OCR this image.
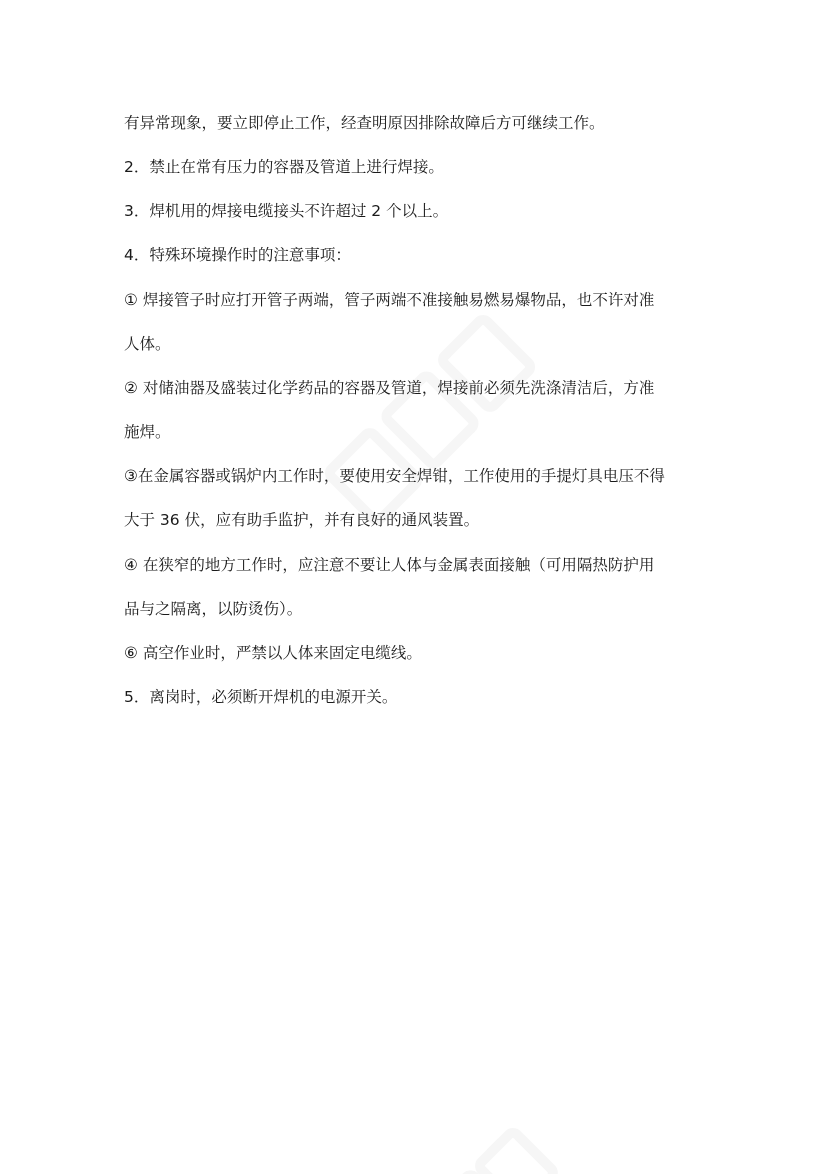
有异常现象，要立即停止工作，经查明原因排除故障后方可继续工作。

2．禁止在常有压力的容器及管道上进行焊接。

3．焊机用的焊接电缆接头不许超过 2 个以上。

4．特殊环境操作时的注意事项：

① 焊接管子时应打开管子两端，管子两端不准接触易燃易爆物品，也不许对准

人体。

② 对储油器及盛装过化学药品的容器及管道，焊接前必须先洗涤清洁后，方准

施焊。

③在金属容器或锅炉内工作时，要使用安全焊钳，工作使用的手提灯具电压不得

大于 36 伏，应有助手监护，并有良好的通风装置。

④ 在狭窄的地方工作时，应注意不要让人体与金属表面接触（可用隔热防护用

品与之隔离，以防烫伤）。

⑥ 高空作业时，严禁以人体来固定电缆线。

5．离岗时，必须断开焊机的电源开关。
